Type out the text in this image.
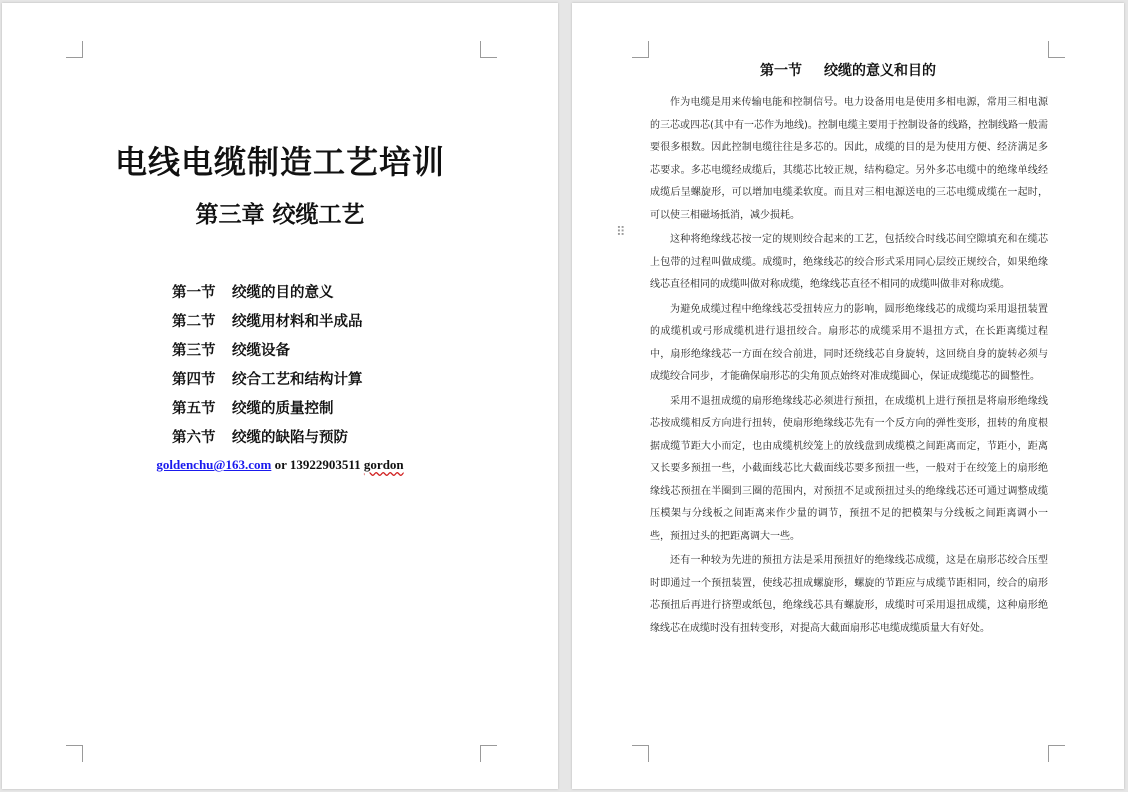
电线电缆制造工艺培训
第三章 绞缆工艺
第一节 绞缆的目的意义
第二节 绞缆用材料和半成品
第三节 绞缆设备
第四节 绞合工艺和结构计算
第五节 绞缆的质量控制
第六节 绞缆的缺陷与预防
goldenchu@163.com or 13922903511 gordon
第一节 绞缆的意义和目的
⠿

作为电缆是用来传输电能和控制信号。电力设备用电是使用多相电源，常用三相电源的三芯或四芯(其中有一芯作为地线)。控制电缆主要用于控制设备的线路，控制线路一般需要很多根数。因此控制电缆往往是多芯的。因此，成缆的目的是为使用方便、经济满足多芯要求。多芯电缆经成缆后，其缆芯比较正规，结构稳定。另外多芯电缆中的绝缘单线经成缆后呈螺旋形，可以增加电缆柔软度。而且对三相电源送电的三芯电缆成缆在一起时，可以使三相磁场抵消，减少损耗。

这种将绝缘线芯按一定的规则绞合起来的工艺，包括绞合时线芯间空隙填充和在缆芯上包带的过程叫做成缆。成缆时，绝缘线芯的绞合形式采用同心层绞正规绞合，如果绝缘线芯直径相同的成缆叫做对称成缆，绝缘线芯直径不相同的成缆叫做非对称成缆。

为避免成缆过程中绝缘线芯受扭转应力的影响，圆形绝缘线芯的成缆均采用退扭装置的成缆机或弓形成缆机进行退扭绞合。扇形芯的成缆采用不退扭方式，在长距离缆过程中，扇形绝缘线芯一方面在绞合前进，同时还绕线芯自身旋转，这回绕自身的旋转必须与成缆绞合同步，才能确保扇形芯的尖角顶点始终对准成缆圆心，保证成缆缆芯的圆整性。

采用不退扭成缆的扇形绝缘线芯必须进行预扭，在成缆机上进行预扭是将扇形绝缘线芯按成缆相反方向进行扭转，使扇形绝缘线芯先有一个反方向的弹性变形，扭转的角度根据成缆节距大小而定，也由成缆机绞笼上的放线盘到成缆模之间距离而定，节距小，距离又长要多预扭一些，小截面线芯比大截面线芯要多预扭一些，一般对于在绞笼上的扇形绝缘线芯预扭在半圈到三圈的范围内，对预扭不足或预扭过头的绝缘线芯还可通过调整成缆压模架与分线板之间距离来作少量的调节，预扭不足的把模架与分线板之间距离调小一些，预扭过头的把距离调大一些。

还有一种较为先进的预扭方法是采用预扭好的绝缘线芯成缆，这是在扇形芯绞合压型时即通过一个预扭装置，使线芯扭成螺旋形，螺旋的节距应与成缆节距相同，绞合的扇形芯预扭后再进行挤塑或纸包，绝缘线芯具有螺旋形，成缆时可采用退扭成缆，这种扇形绝缘线芯在成缆时没有扭转变形，对提高大截面扇形芯电缆成缆质量大有好处。
